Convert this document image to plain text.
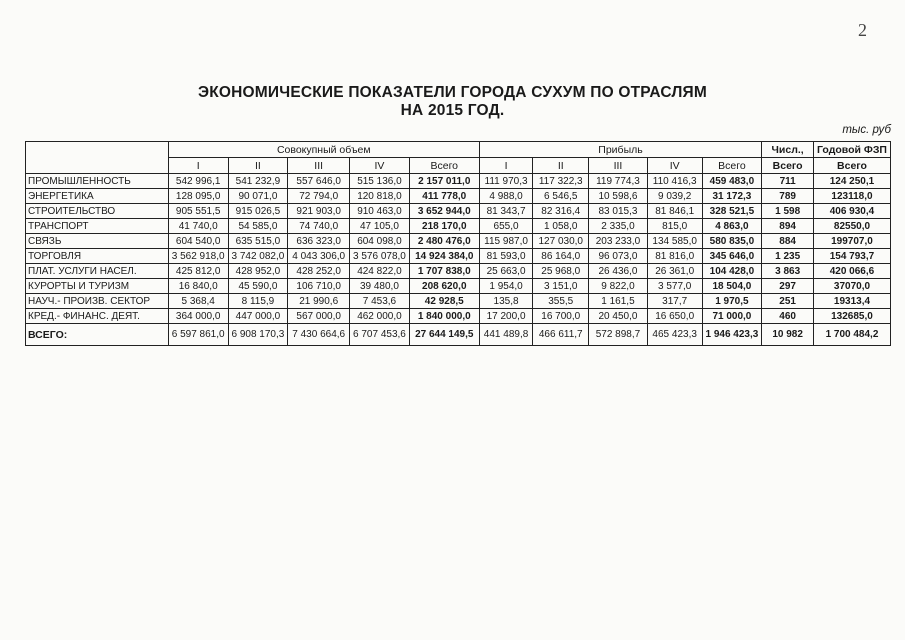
2
ЭКОНОМИЧЕСКИЕ ПОКАЗАТЕЛИ ГОРОДА СУХУМ ПО ОТРАСЛЯМ
НА 2015 ГОД.
тыс. руб
	Совокупный объем					Прибыль					Числ.,	Годовой ФЗП
	I	II	III	IV	Всего	I	II	III	IV	Всего	Всего	Всего
ПРОМЫШЛЕННОСТЬ	542 996,1	541 232,9	557 646,0	515 136,0	2 157 011,0	111 970,3	117 322,3	119 774,3	110 416,3	459 483,0	711	124 250,1
ЭНЕРГЕТИКА	128 095,0	90 071,0	72 794,0	120 818,0	411 778,0	4 988,0	6 546,5	10 598,6	9 039,2	31 172,3	789	123118,0
СТРОИТЕЛЬСТВО	905 551,5	915 026,5	921 903,0	910 463,0	3 652 944,0	81 343,7	82 316,4	83 015,3	81 846,1	328 521,5	1 598	406 930,4
ТРАНСПОРТ	41 740,0	54 585,0	74 740,0	47 105,0	218 170,0	655,0	1 058,0	2 335,0	815,0	4 863,0	894	82550,0
СВЯЗЬ	604 540,0	635 515,0	636 323,0	604 098,0	2 480 476,0	115 987,0	127 030,0	203 233,0	134 585,0	580 835,0	884	199707,0
ТОРГОВЛЯ	3 562 918,0	3 742 082,0	4 043 306,0	3 576 078,0	14 924 384,0	81 593,0	86 164,0	96 073,0	81 816,0	345 646,0	1 235	154 793,7
ПЛАТ. УСЛУГИ НАСЕЛ.	425 812,0	428 952,0	428 252,0	424 822,0	1 707 838,0	25 663,0	25 968,0	26 436,0	26 361,0	104 428,0	3 863	420 066,6
КУРОРТЫ И ТУРИЗМ	16 840,0	45 590,0	106 710,0	39 480,0	208 620,0	1 954,0	3 151,0	9 822,0	3 577,0	18 504,0	297	37070,0
НАУЧ.- ПРОИЗВ. СЕКТОР	5 368,4	8 115,9	21 990,6	7 453,6	42 928,5	135,8	355,5	1 161,5	317,7	1 970,5	251	19313,4
КРЕД.- ФИНАНС. ДЕЯТ.	364 000,0	447 000,0	567 000,0	462 000,0	1 840 000,0	17 200,0	16 700,0	20 450,0	16 650,0	71 000,0	460	132685,0
ВСЕГО:	6 597 861,0	6 908 170,3	7 430 664,6	6 707 453,6	27 644 149,5	441 489,8	466 611,7	572 898,7	465 423,3	1 946 423,3	10 982	1 700 484,2
